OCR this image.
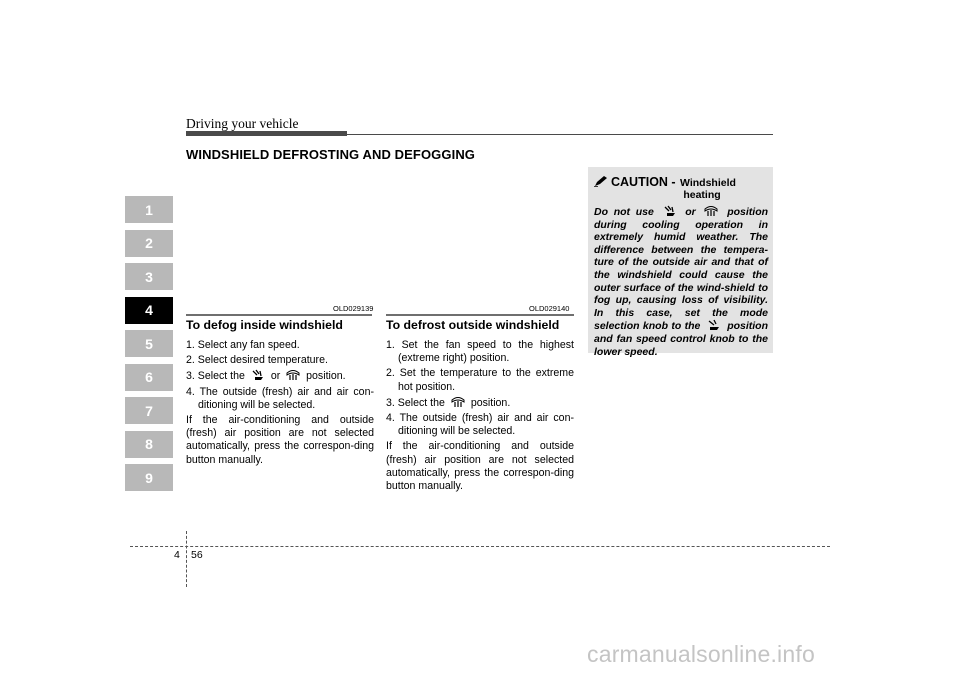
Driving your vehicle
WINDSHIELD DEFROSTING AND DEFOGGING
1
2
3
4
5
6
7
8
9
OLD029139	OLD029140
To defog inside windshield
1. Select any fan speed.
2. Select desired temperature.
3. Select the or position.
4. The outside (fresh) air and air con-ditioning will be selected.

If the air-conditioning and outside (fresh) air position are not selected automatically, press the correspon-ding button manually.

To defrost outside windshield
1. Set the fan speed to the highest (extreme right) position.
2. Set the temperature to the extreme hot position.
3. Select the position.
4. The outside (fresh) air and air con-ditioning will be selected.

If the air-conditioning and outside (fresh) air position are not selected automatically, press the correspon-ding button manually.

CAUTION - Windshield
heating
Do not use	or	position during cooling operation in extremely humid weather. The difference between the tempera-ture of the outside air and that of the windshield could cause the outer surface of the wind-shield to fog up, causing loss of visibility. In this case, set the mode selection knob to the	position and fan speed control knob to the lower speed.
4 56
carmanualsonline.info
